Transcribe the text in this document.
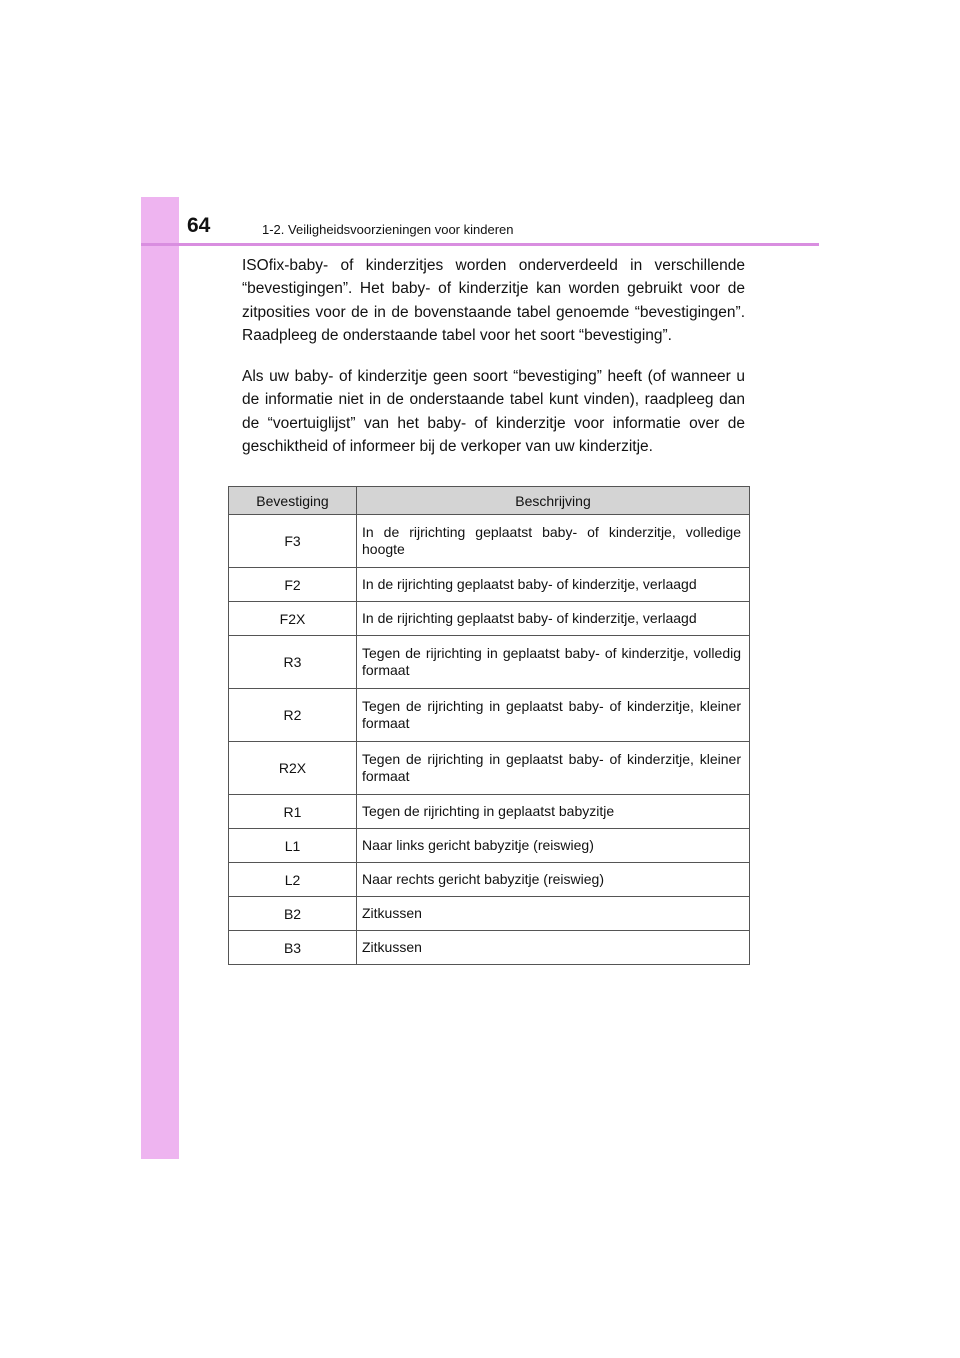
64	1-2. Veiligheidsvoorzieningen voor kinderen

ISOfix-baby- of kinderzitjes worden onderverdeeld in verschillende “bevestigingen”. Het baby- of kinderzitje kan worden gebruikt voor de zitposities voor de in de bovenstaande tabel genoemde “bevestigingen”. Raadpleeg de onderstaande tabel voor het soort “bevestiging”.

Als uw baby- of kinderzitje geen soort “bevestiging” heeft (of wanneer u de informatie niet in de onderstaande tabel kunt vinden), raadpleeg dan de “voertuiglijst” van het baby- of kinderzitje voor informatie over de geschiktheid of informeer bij de verkoper van uw kinderzitje.

Bevestiging	Beschrijving
F3	In de rijrichting geplaatst baby- of kinderzitje, volledige hoogte
F2	In de rijrichting geplaatst baby- of kinderzitje, verlaagd
F2X	In de rijrichting geplaatst baby- of kinderzitje, verlaagd
R3	Tegen de rijrichting in geplaatst baby- of kinderzitje, volledig formaat
R2	Tegen de rijrichting in geplaatst baby- of kinderzitje, kleiner formaat
R2X	Tegen de rijrichting in geplaatst baby- of kinderzitje, kleiner formaat
R1	Tegen de rijrichting in geplaatst babyzitje
L1	Naar links gericht babyzitje (reiswieg)
L2	Naar rechts gericht babyzitje (reiswieg)
B2	Zitkussen
B3	Zitkussen
